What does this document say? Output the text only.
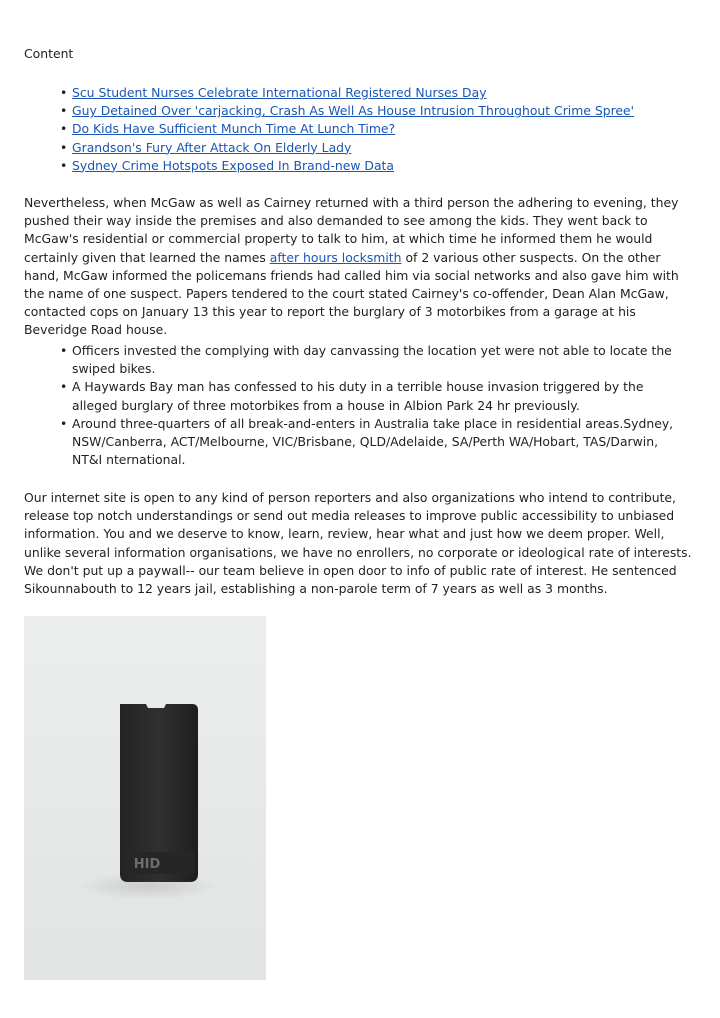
Content
• Scu Student Nurses Celebrate International Registered Nurses Day
• Guy Detained Over 'carjacking, Crash As Well As House Intrusion Throughout Crime Spree'
• Do Kids Have Sufficient Munch Time At Lunch Time?
• Grandson's Fury After Attack On Elderly Lady
• Sydney Crime Hotspots Exposed In Brand-new Data

Nevertheless, when McGaw as well as Cairney returned with a third person the adhering to evening, they pushed their way inside the premises and also demanded to see among the kids. They went back to McGaw's residential or commercial property to talk to him, at which time he informed them he would certainly given that learned the names after hours locksmith of 2 various other suspects. On the other hand, McGaw informed the policemans friends had called him via social networks and also gave him with the name of one suspect. Papers tendered to the court stated Cairney's co-offender, Dean Alan McGaw, contacted cops on January 13 this year to report the burglary of 3 motorbikes from a garage at his Beveridge Road house.

• Officers invested the complying with day canvassing the location yet were not able to locate the swiped bikes.
• A Haywards Bay man has confessed to his duty in a terrible house invasion triggered by the alleged burglary of three motorbikes from a house in Albion Park 24 hr previously.
• Around three-quarters of all break-and-enters in Australia take place in residential areas.Sydney, NSW/Canberra, ACT/Melbourne, VIC/Brisbane, QLD/Adelaide, SA/Perth WA/Hobart, TAS/Darwin, NT&I nternational.

Our internet site is open to any kind of person reporters and also organizations who intend to contribute, release top notch understandings or send out media releases to improve public accessibility to unbiased information. You and we deserve to know, learn, review, hear what and just how we deem proper. Well, unlike several information organisations, we have no enrollers, no corporate or ideological rate of interests. We don't put up a paywall-- our team believe in open door to info of public rate of interest. He sentenced Sikounnabouth to 12 years jail, establishing a non-parole term of 7 years as well as 3 months.

HID
